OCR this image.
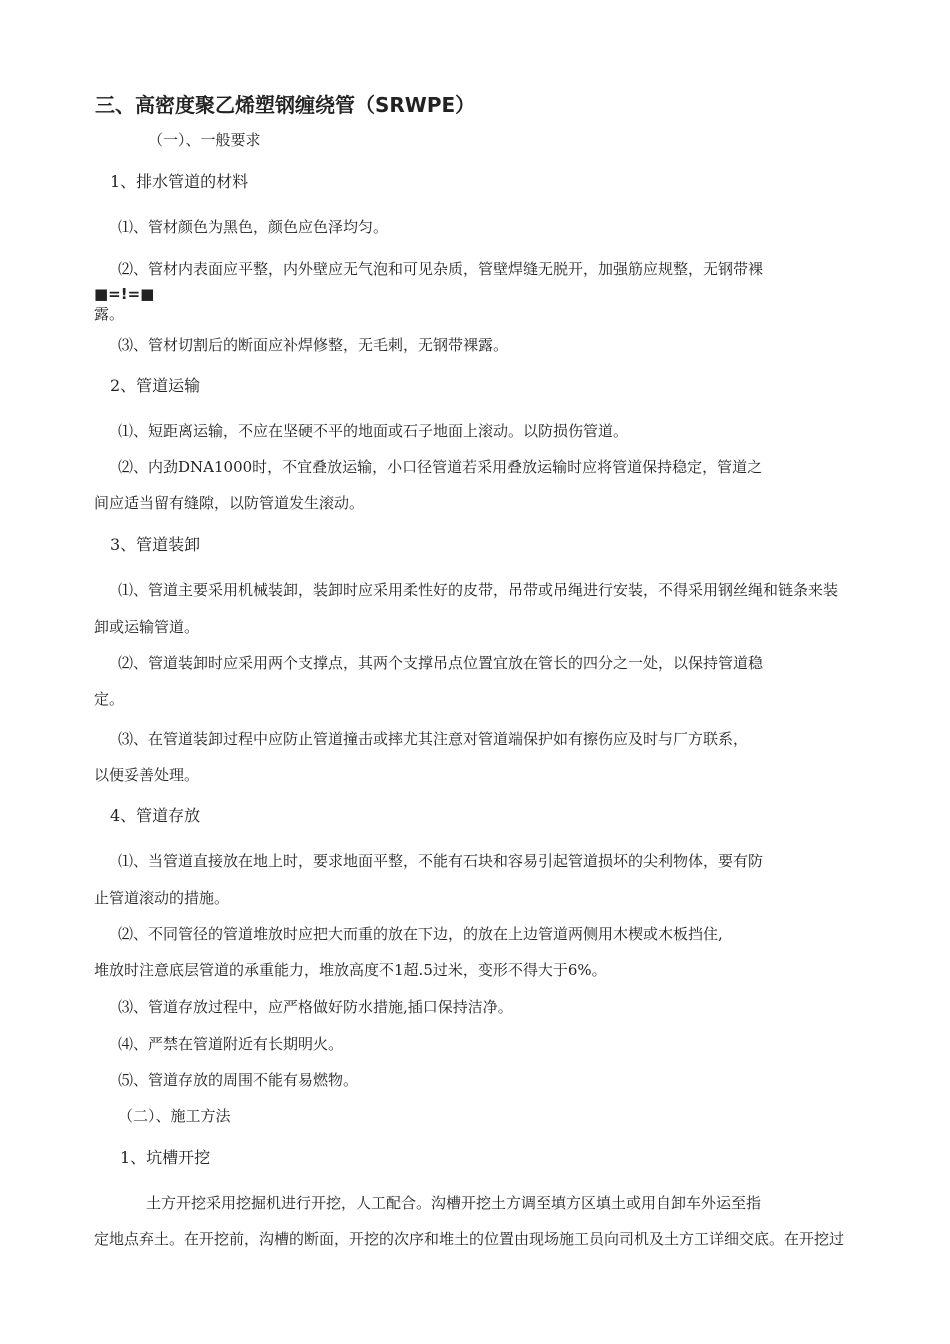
三、高密度聚乙烯塑钢缠绕管（SRWPE）
（一）、一般要求
1、排水管道的材料
⑴、管材颜色为黑色，颜色应色泽均匀。
⑵、管材内表面应平整，内外壁应无气泡和可见杂质，管壁焊缝无脱开，加强筋应规整，无钢带裸
■=!=■
露。
⑶、管材切割后的断面应补焊修整，无毛刺，无钢带裸露。
2、管道运输
⑴、短距离运输，不应在坚硬不平的地面或石子地面上滚动。以防损伤管道。
⑵、内劲DNA1000时，不宜叠放运输，小口径管道若采用叠放运输时应将管道保持稳定，管道之
间应适当留有缝隙，以防管道发生滚动。
3、管道装卸
⑴、管道主要采用机械装卸，装卸时应采用柔性好的皮带，吊带或吊绳进行安装，不得采用钢丝绳和链条来装
卸或运输管道。
⑵、管道装卸时应采用两个支撑点，其两个支撑吊点位置宜放在管长的四分之一处，以保持管道稳
定。
⑶、在管道装卸过程中应防止管道撞击或摔尤其注意对管道端保护如有擦伤应及时与厂方联系，
以便妥善处理。
4、管道存放
⑴、当管道直接放在地上时，要求地面平整，不能有石块和容易引起管道损坏的尖利物体，要有防
止管道滚动的措施。
⑵、不同管径的管道堆放时应把大而重的放在下边，的放在上边管道两侧用木楔或木板挡住,
堆放时注意底层管道的承重能力，堆放高度不1超.5过米，变形不得大于6%。
⑶、管道存放过程中，应严格做好防水措施,插口保持洁净。
⑷、严禁在管道附近有长期明火。
⑸、管道存放的周围不能有易燃物。
（二）、施工方法
1、坑槽开挖
土方开挖采用挖掘机进行开挖，人工配合。沟槽开挖土方调至填方区填土或用自卸车外运至指
定地点弃土。在开挖前，沟槽的断面，开挖的次序和堆土的位置由现场施工员向司机及土方工详细交底。在开挖过
